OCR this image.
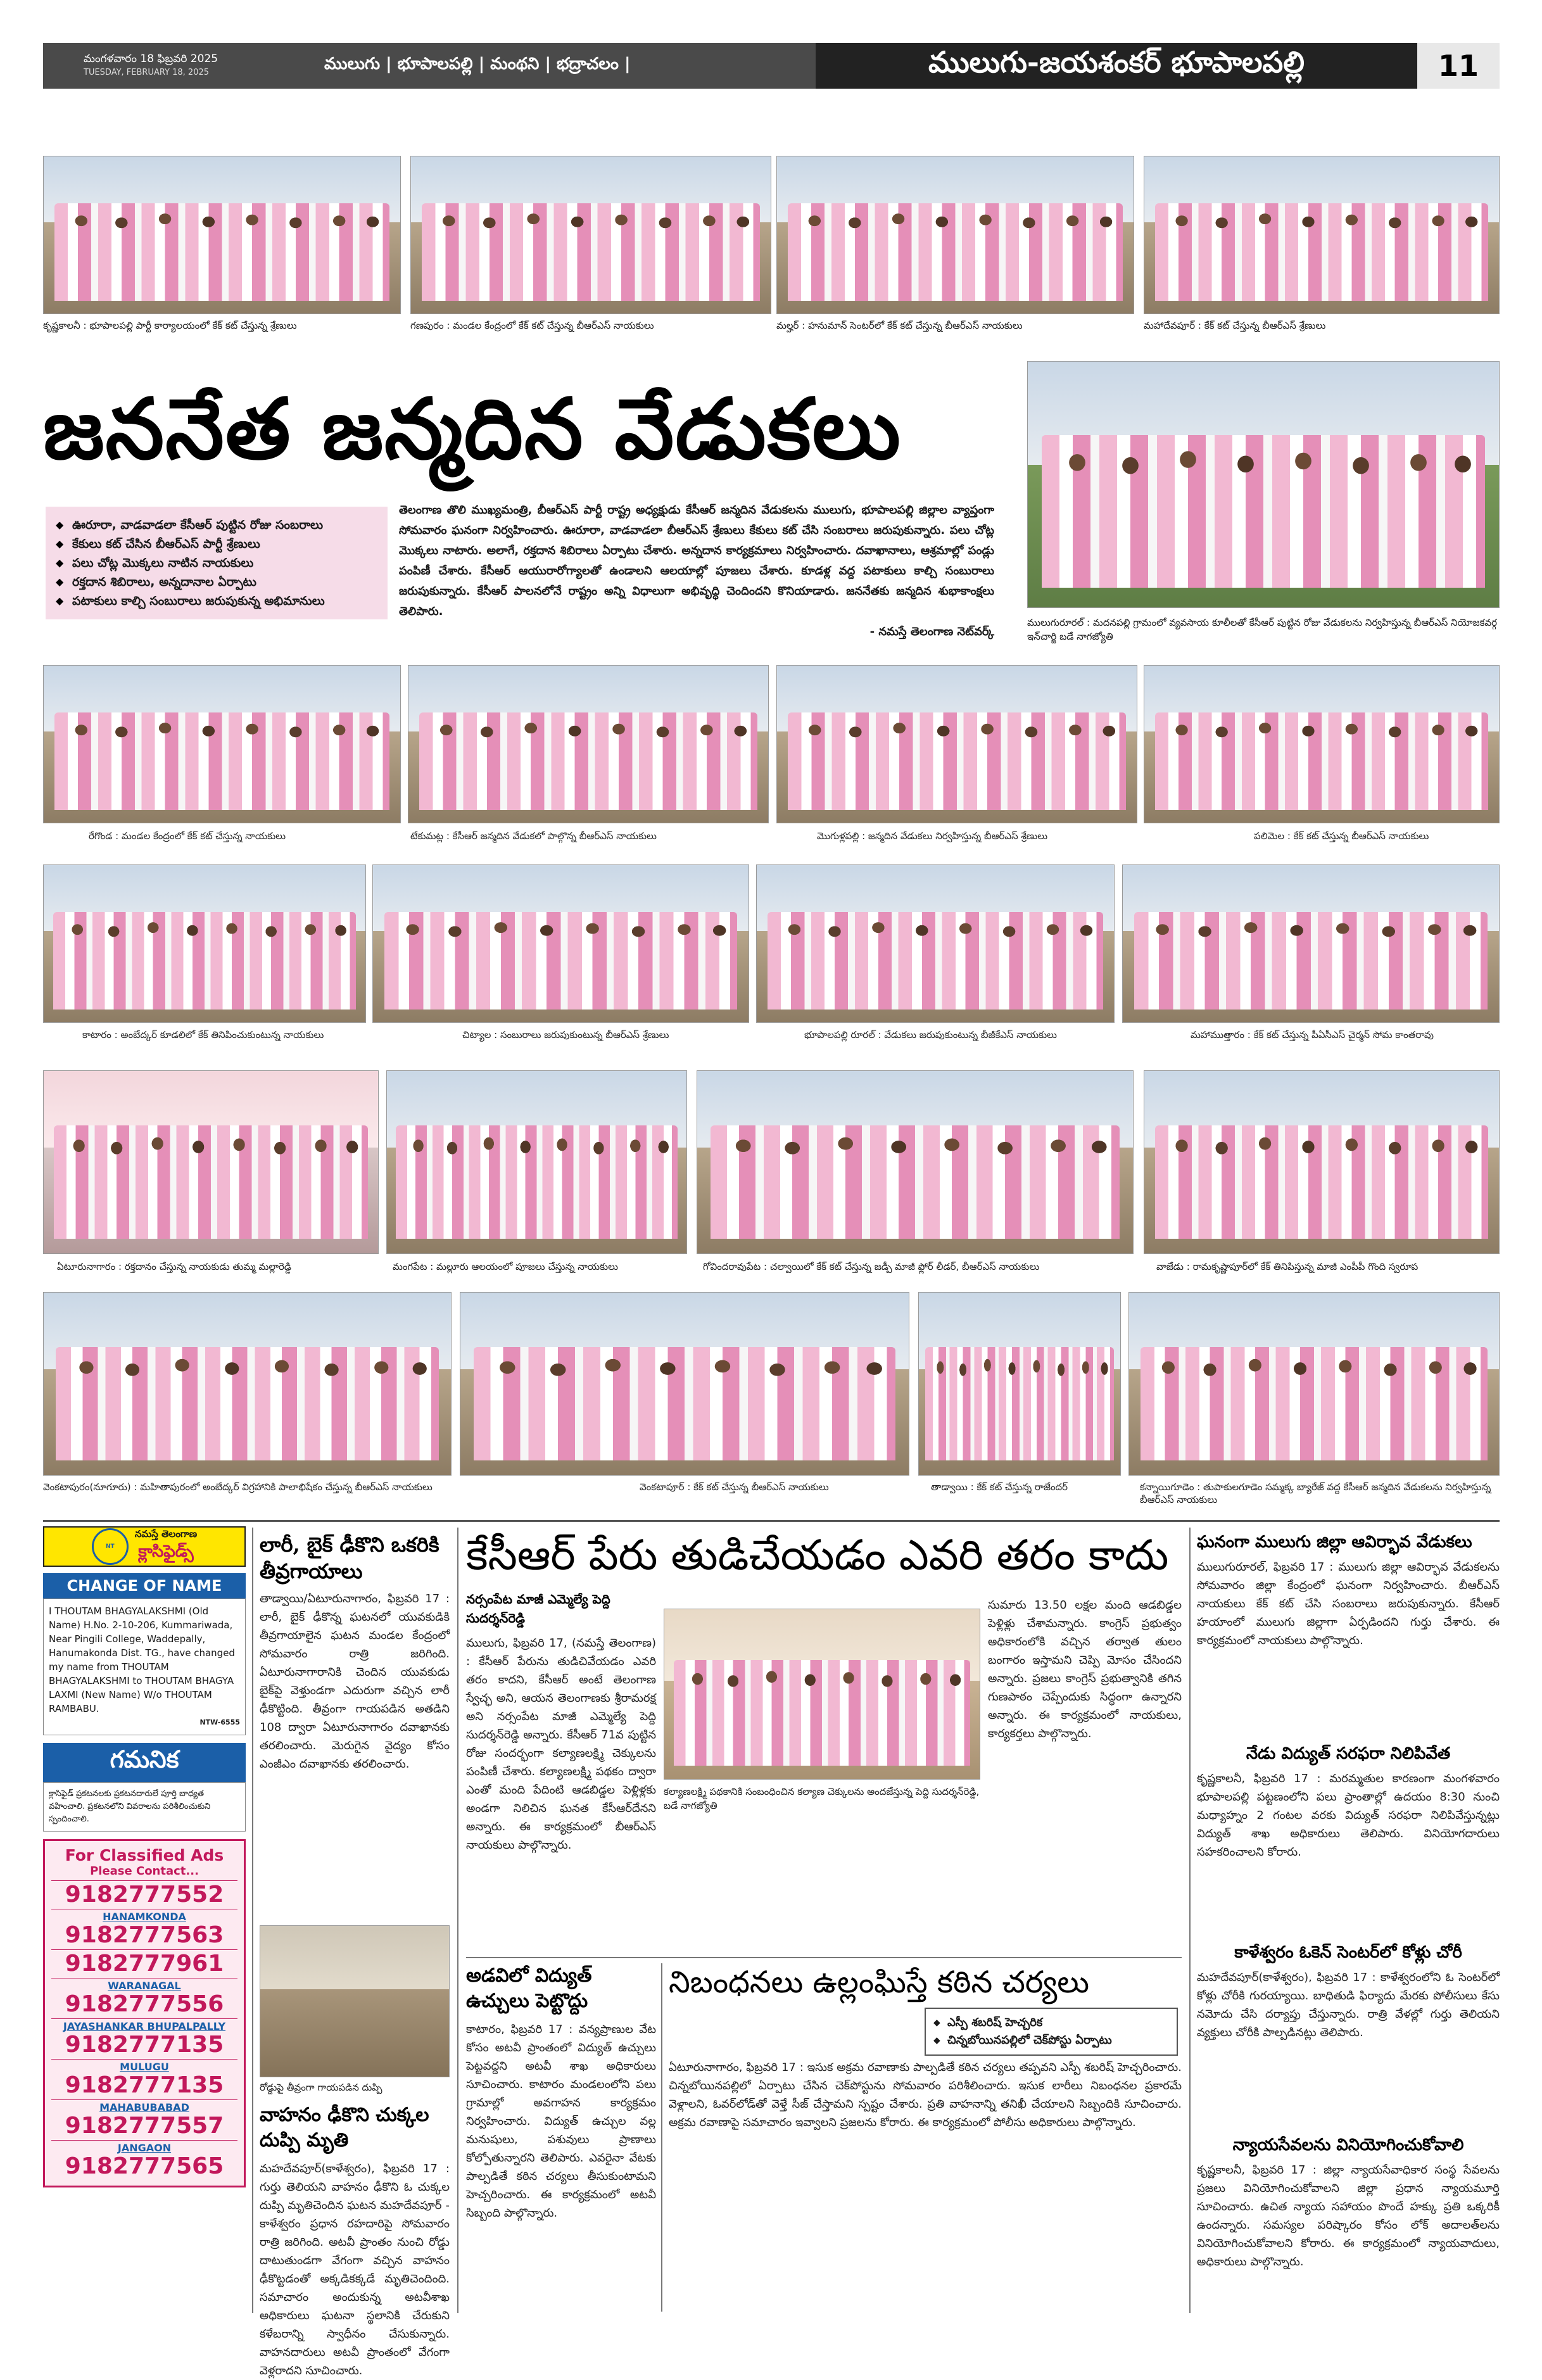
మంగళవారం 18 ఫిబ్రవరి 2025
TUESDAY, FEBRUARY 18, 2025	ములుగు | భూపాలపల్లి | మంథని | భద్రాచలం |	ములుగు-జయశంకర్ భూపాలపల్లి	11
కృష్ణకాలనీ : భూపాలపల్లి పార్టీ కార్యాలయంలో కేక్ కట్ చేస్తున్న శ్రేణులు	గణపురం : మండల కేంద్రంలో కేక్ కట్ చేస్తున్న బీఆర్ఎస్ నాయకులు	మల్హర్ : హనుమాన్ సెంటర్‌లో కేక్ కట్ చేస్తున్న బీఆర్ఎస్ నాయకులు	మహాదేవపూర్ : కేక్ కట్ చేస్తున్న బీఆర్ఎస్ శ్రేణులు
జననేత జన్మదిన వేడుకలు
◆ ఊరూరా, వాడవాడలా కేసీఆర్ పుట్టిన రోజు సంబరాలు
◆ కేకులు కట్ చేసిన బీఆర్ఎస్ పార్టీ శ్రేణులు
◆ పలు చోట్ల మొక్కలు నాటిన నాయకులు
◆ రక్తదాన శిబిరాలు, అన్నదానాల ఏర్పాటు
◆ పటాకులు కాల్చి సంబురాలు జరుపుకున్న అభిమానులు
తెలంగాణ తొలి ముఖ్యమంత్రి, బీఆర్ఎస్ పార్టీ రాష్ట్ర అధ్యక్షుడు కేసీఆర్ జన్మదిన వేడుకలను ములుగు, భూపాలపల్లి జిల్లాల వ్యాప్తంగా సోమవారం ఘనంగా నిర్వహించారు. ఊరూరా, వాడవాడలా బీఆర్ఎస్ శ్రేణులు కేకులు కట్ చేసి సంబరాలు జరుపుకున్నారు. పలు చోట్ల మొక్కలు నాటారు. అలాగే, రక్తదాన శిబిరాలు ఏర్పాటు చేశారు. అన్నదాన కార్యక్రమాలు నిర్వహించారు. దవాఖానాలు, ఆశ్రమాల్లో పండ్లు పంపిణీ చేశారు. కేసీఆర్ ఆయురారోగ్యాలతో ఉండాలని ఆలయాల్లో పూజలు చేశారు. కూడళ్ల వద్ద పటాకులు కాల్చి సంబురాలు జరుపుకున్నారు. కేసీఆర్ పాలనలోనే రాష్ట్రం అన్ని విధాలుగా అభివృద్ధి చెందిందని కొనియాడారు. జననేతకు జన్మదిన శుభాకాంక్షలు తెలిపారు.
- నమస్తే తెలంగాణ నెట్‌వర్క్
ములుగురూరల్ : మదనపల్లి గ్రామంలో వ్యవసాయ కూలీలతో కేసీఆర్ పుట్టిన రోజు వేడుకలను నిర్వహిస్తున్న బీఆర్ఎస్ నియోజకవర్గ ఇన్‌చార్జి బడే నాగజ్యోతి
రేగొండ : మండల కేంద్రంలో కేక్ కట్ చేస్తున్న నాయకులు	టేకుమట్ల : కేసీఆర్ జన్మదిన వేడుకలో పాల్గొన్న బీఆర్ఎస్ నాయకులు	మొగుళ్లపల్లి : జన్మదిన వేడుకలు నిర్వహిస్తున్న బీఆర్ఎస్ శ్రేణులు	పలిమెల : కేక్ కట్ చేస్తున్న బీఆర్ఎస్ నాయకులు
కాటారం : అంబేద్కర్ కూడలిలో కేక్ తినిపించుకుంటున్న నాయకులు	చిట్యాల : సంబురాలు జరుపుకుంటున్న బీఆర్ఎస్ శ్రేణులు	భూపాలపల్లి రూరల్ : వేడుకలు జరుపుకుంటున్న బీజీకేఎస్ నాయకులు	మహాముత్తారం : కేక్ కట్ చేస్తున్న పీఏసీఎస్ చైర్మన్ సోమ కాంతరావు
ఏటూరునాగారం : రక్తదానం చేస్తున్న నాయకుడు తుమ్మ మల్లారెడ్డి	మంగపేట : మల్లూరు ఆలయంలో పూజలు చేస్తున్న నాయకులు	గోవిందరావుపేట : చల్వాయిలో కేక్ కట్ చేస్తున్న జడ్పీ మాజీ ఫ్లోర్ లీడర్, బీఆర్ఎస్ నాయకులు	వాజేడు : రామకృష్ణాపూర్‌లో కేక్ తినిపిస్తున్న మాజీ ఎంపీపీ గొంది స్వరూప
వెంకటాపురం(నూగూరు) : మహితాపురంలో అంబేద్కర్ విగ్రహానికి పాలాభిషేకం చేస్తున్న బీఆర్ఎస్ నాయకులు	వెంకటాపూర్ : కేక్ కట్ చేస్తున్న బీఆర్ఎస్ నాయకులు	తాడ్వాయి : కేక్ కట్ చేస్తున్న రాజేందర్	కన్నాయిగూడెం : తుపాకులగూడెం సమ్మక్క బ్యారేజ్ వద్ద కేసీఆర్ జన్మదిన వేడుకలను నిర్వహిస్తున్న బీఆర్ఎస్ నాయకులు
NT
నమస్తే తెలంగాణ
క్లాసిఫైడ్స్
CHANGE OF NAME
I THOUTAM BHAGYALAKSHMI (Old Name) H.No. 2-10-206, Kummariwada, Near Pingili College, Waddepally, Hanumakonda Dist. TG., have changed my name from THOUTAM BHAGYALAKSHMI to THOUTAM BHAGYA LAXMI (New Name) W/o THOUTAM RAMBABU.
NTW-6555
గమనిక
క్లాసిఫైడ్ ప్రకటనలకు ప్రకటనదారులే పూర్తి బాధ్యత వహించాలి. ప్రకటనలోని వివరాలను పరిశీలించుకుని స్పందించాలి.
For Classified Ads
Please Contact...
9182777552
HANAMKONDA
9182777563
9182777961
WARANAGAL
9182777556
JAYASHANKAR BHUPALPALLY
9182777135
MULUGU
9182777135
MAHABUBABAD
9182777557
JANGAON
9182777565
లారీ, బైక్ ఢీకొని ఒకరికి తీవ్రగాయాలు
తాడ్వాయి/ఏటూరునాగారం, ఫిబ్రవరి 17 : లారీ, బైక్ ఢీకొన్న ఘటనలో యువకుడికి తీవ్రగాయాలైన ఘటన మండల కేంద్రంలో సోమవారం రాత్రి జరిగింది. ఏటూరునాగారానికి చెందిన యువకుడు బైక్‌పై వెళ్తుండగా ఎదురుగా వచ్చిన లారీ ఢీకొట్టింది. తీవ్రంగా గాయపడిన అతడిని 108 ద్వారా ఏటూరునాగారం దవాఖానకు తరలించారు. మెరుగైన వైద్యం కోసం ఎంజీఎం దవాఖానకు తరలించారు.
రోడ్డుపై తీవ్రంగా గాయపడిన దుప్పి
వాహనం ఢీకొని చుక్కల దుప్పి మృతి
మహదేవపూర్(కాళేశ్వరం), ఫిబ్రవరి 17 : గుర్తు తెలియని వాహనం ఢీకొని ఓ చుక్కల దుప్పి మృతిచెందిన ఘటన మహదేవపూర్ - కాళేశ్వరం ప్రధాన రహదారిపై సోమవారం రాత్రి జరిగింది. అటవీ ప్రాంతం నుంచి రోడ్డు దాటుతుండగా వేగంగా వచ్చిన వాహనం ఢీకొట్టడంతో అక్కడికక్కడే మృతిచెందింది. సమాచారం అందుకున్న అటవీశాఖ అధికారులు ఘటనా స్థలానికి చేరుకుని కళేబరాన్ని స్వాధీనం చేసుకున్నారు. వాహనదారులు అటవీ ప్రాంతంలో వేగంగా వెళ్లరాదని సూచించారు.
కేసీఆర్ పేరు తుడిచేయడం ఎవరి తరం కాదు
నర్సంపేట మాజీ ఎమ్మెల్యే పెద్ది సుదర్శన్‌రెడ్డి
ములుగు, ఫిబ్రవరి 17, (నమస్తే తెలంగాణ) : కేసీఆర్ పేరును తుడిచివేయడం ఎవరి తరం కాదని, కేసీఆర్ అంటే తెలంగాణ స్వేచ్ఛ అని, ఆయన తెలంగాణకు శ్రీరామరక్ష అని నర్సంపేట మాజీ ఎమ్మెల్యే పెద్ది సుదర్శన్‌రెడ్డి అన్నారు. కేసీఆర్ 71వ పుట్టిన రోజు సందర్భంగా కల్యాణలక్ష్మి చెక్కులను పంపిణీ చేశారు. కల్యాణలక్ష్మి పథకం ద్వారా ఎంతో మంది పేదింటి ఆడబిడ్డల పెళ్లిళ్లకు అండగా నిలిచిన ఘనత కేసీఆర్‌దేనని అన్నారు. ఈ కార్యక్రమంలో బీఆర్ఎస్ నాయకులు పాల్గొన్నారు.
కల్యాణలక్ష్మి పథకానికి సంబంధించిన కల్యాణ చెక్కులను అందజేస్తున్న పెద్ది సుదర్శన్‌రెడ్డి, బడే నాగజ్యోతి
సుమారు 13.50 లక్షల మంది ఆడబిడ్డల పెళ్లిళ్లు చేశామన్నారు. కాంగ్రెస్ ప్రభుత్వం అధికారంలోకి వచ్చిన తర్వాత తులం బంగారం ఇస్తామని చెప్పి మోసం చేసిందని అన్నారు. ప్రజలు కాంగ్రెస్ ప్రభుత్వానికి తగిన గుణపాఠం చెప్పేందుకు సిద్ధంగా ఉన్నారని అన్నారు. ఈ కార్యక్రమంలో నాయకులు, కార్యకర్తలు పాల్గొన్నారు.
అడవిలో విద్యుత్ ఉచ్చులు పెట్టొద్దు
కాటారం, ఫిబ్రవరి 17 : వన్యప్రాణుల వేట కోసం అటవీ ప్రాంతంలో విద్యుత్ ఉచ్చులు పెట్టవద్దని అటవీ శాఖ అధికారులు సూచించారు. కాటారం మండలంలోని పలు గ్రామాల్లో అవగాహన కార్యక్రమం నిర్వహించారు. విద్యుత్ ఉచ్చుల వల్ల మనుషులు, పశువులు ప్రాణాలు కోల్పోతున్నారని తెలిపారు. ఎవరైనా వేటకు పాల్పడితే కఠిన చర్యలు తీసుకుంటామని హెచ్చరించారు. ఈ కార్యక్రమంలో అటవీ సిబ్బంది పాల్గొన్నారు.
నిబంధనలు ఉల్లంఘిస్తే కఠిన చర్యలు
◆ ఎస్పీ శబరిష్ హెచ్చరిక
◆ చిన్నబోయినపల్లిలో చెక్‌పోస్టు ఏర్పాటు
ఏటూరునాగారం, ఫిబ్రవరి 17 : ఇసుక అక్రమ రవాణాకు పాల్పడితే కఠిన చర్యలు తప్పవని ఎస్పీ శబరిష్ హెచ్చరించారు. చిన్నబోయినపల్లిలో ఏర్పాటు చేసిన చెక్‌పోస్టును సోమవారం పరిశీలించారు. ఇసుక లారీలు నిబంధనల ప్రకారమే వెళ్లాలని, ఓవర్‌లోడ్‌తో వెళ్తే సీజ్ చేస్తామని స్పష్టం చేశారు. ప్రతి వాహనాన్ని తనిఖీ చేయాలని సిబ్బందికి సూచించారు. అక్రమ రవాణాపై సమాచారం ఇవ్వాలని ప్రజలను కోరారు. ఈ కార్యక్రమంలో పోలీసు అధికారులు పాల్గొన్నారు.
ఘనంగా ములుగు జిల్లా ఆవిర్భావ వేడుకలు
ములుగురూరల్, ఫిబ్రవరి 17 : ములుగు జిల్లా ఆవిర్భావ వేడుకలను సోమవారం జిల్లా కేంద్రంలో ఘనంగా నిర్వహించారు. బీఆర్ఎస్ నాయకులు కేక్ కట్ చేసి సంబరాలు జరుపుకున్నారు. కేసీఆర్ హయాంలో ములుగు జిల్లాగా ఏర్పడిందని గుర్తు చేశారు. ఈ కార్యక్రమంలో నాయకులు పాల్గొన్నారు.
నేడు విద్యుత్ సరఫరా నిలిపివేత
కృష్ణకాలనీ, ఫిబ్రవరి 17 : మరమ్మతుల కారణంగా మంగళవారం భూపాలపల్లి పట్టణంలోని పలు ప్రాంతాల్లో ఉదయం 8:30 నుంచి మధ్యాహ్నం 2 గంటల వరకు విద్యుత్ సరఫరా నిలిపివేస్తున్నట్లు విద్యుత్ శాఖ అధికారులు తెలిపారు. వినియోగదారులు సహకరించాలని కోరారు.
కాళేశ్వరం ఓకెన్ సెంటర్‌లో కోళ్లు చోరీ
మహదేవపూర్(కాళేశ్వరం), ఫిబ్రవరి 17 : కాళేశ్వరంలోని ఓ సెంటర్‌లో కోళ్లు చోరీకి గురయ్యాయి. బాధితుడి ఫిర్యాదు మేరకు పోలీసులు కేసు నమోదు చేసి దర్యాప్తు చేస్తున్నారు. రాత్రి వేళల్లో గుర్తు తెలియని వ్యక్తులు చోరీకి పాల్పడినట్లు తెలిపారు.
న్యాయసేవలను వినియోగించుకోవాలి
కృష్ణకాలనీ, ఫిబ్రవరి 17 : జిల్లా న్యాయసేవాధికార సంస్థ సేవలను ప్రజలు వినియోగించుకోవాలని జిల్లా ప్రధాన న్యాయమూర్తి సూచించారు. ఉచిత న్యాయ సహాయం పొందే హక్కు ప్రతి ఒక్కరికీ ఉందన్నారు. సమస్యల పరిష్కారం కోసం లోక్ అదాలత్‌లను వినియోగించుకోవాలని కోరారు. ఈ కార్యక్రమంలో న్యాయవాదులు, అధికారులు పాల్గొన్నారు.
